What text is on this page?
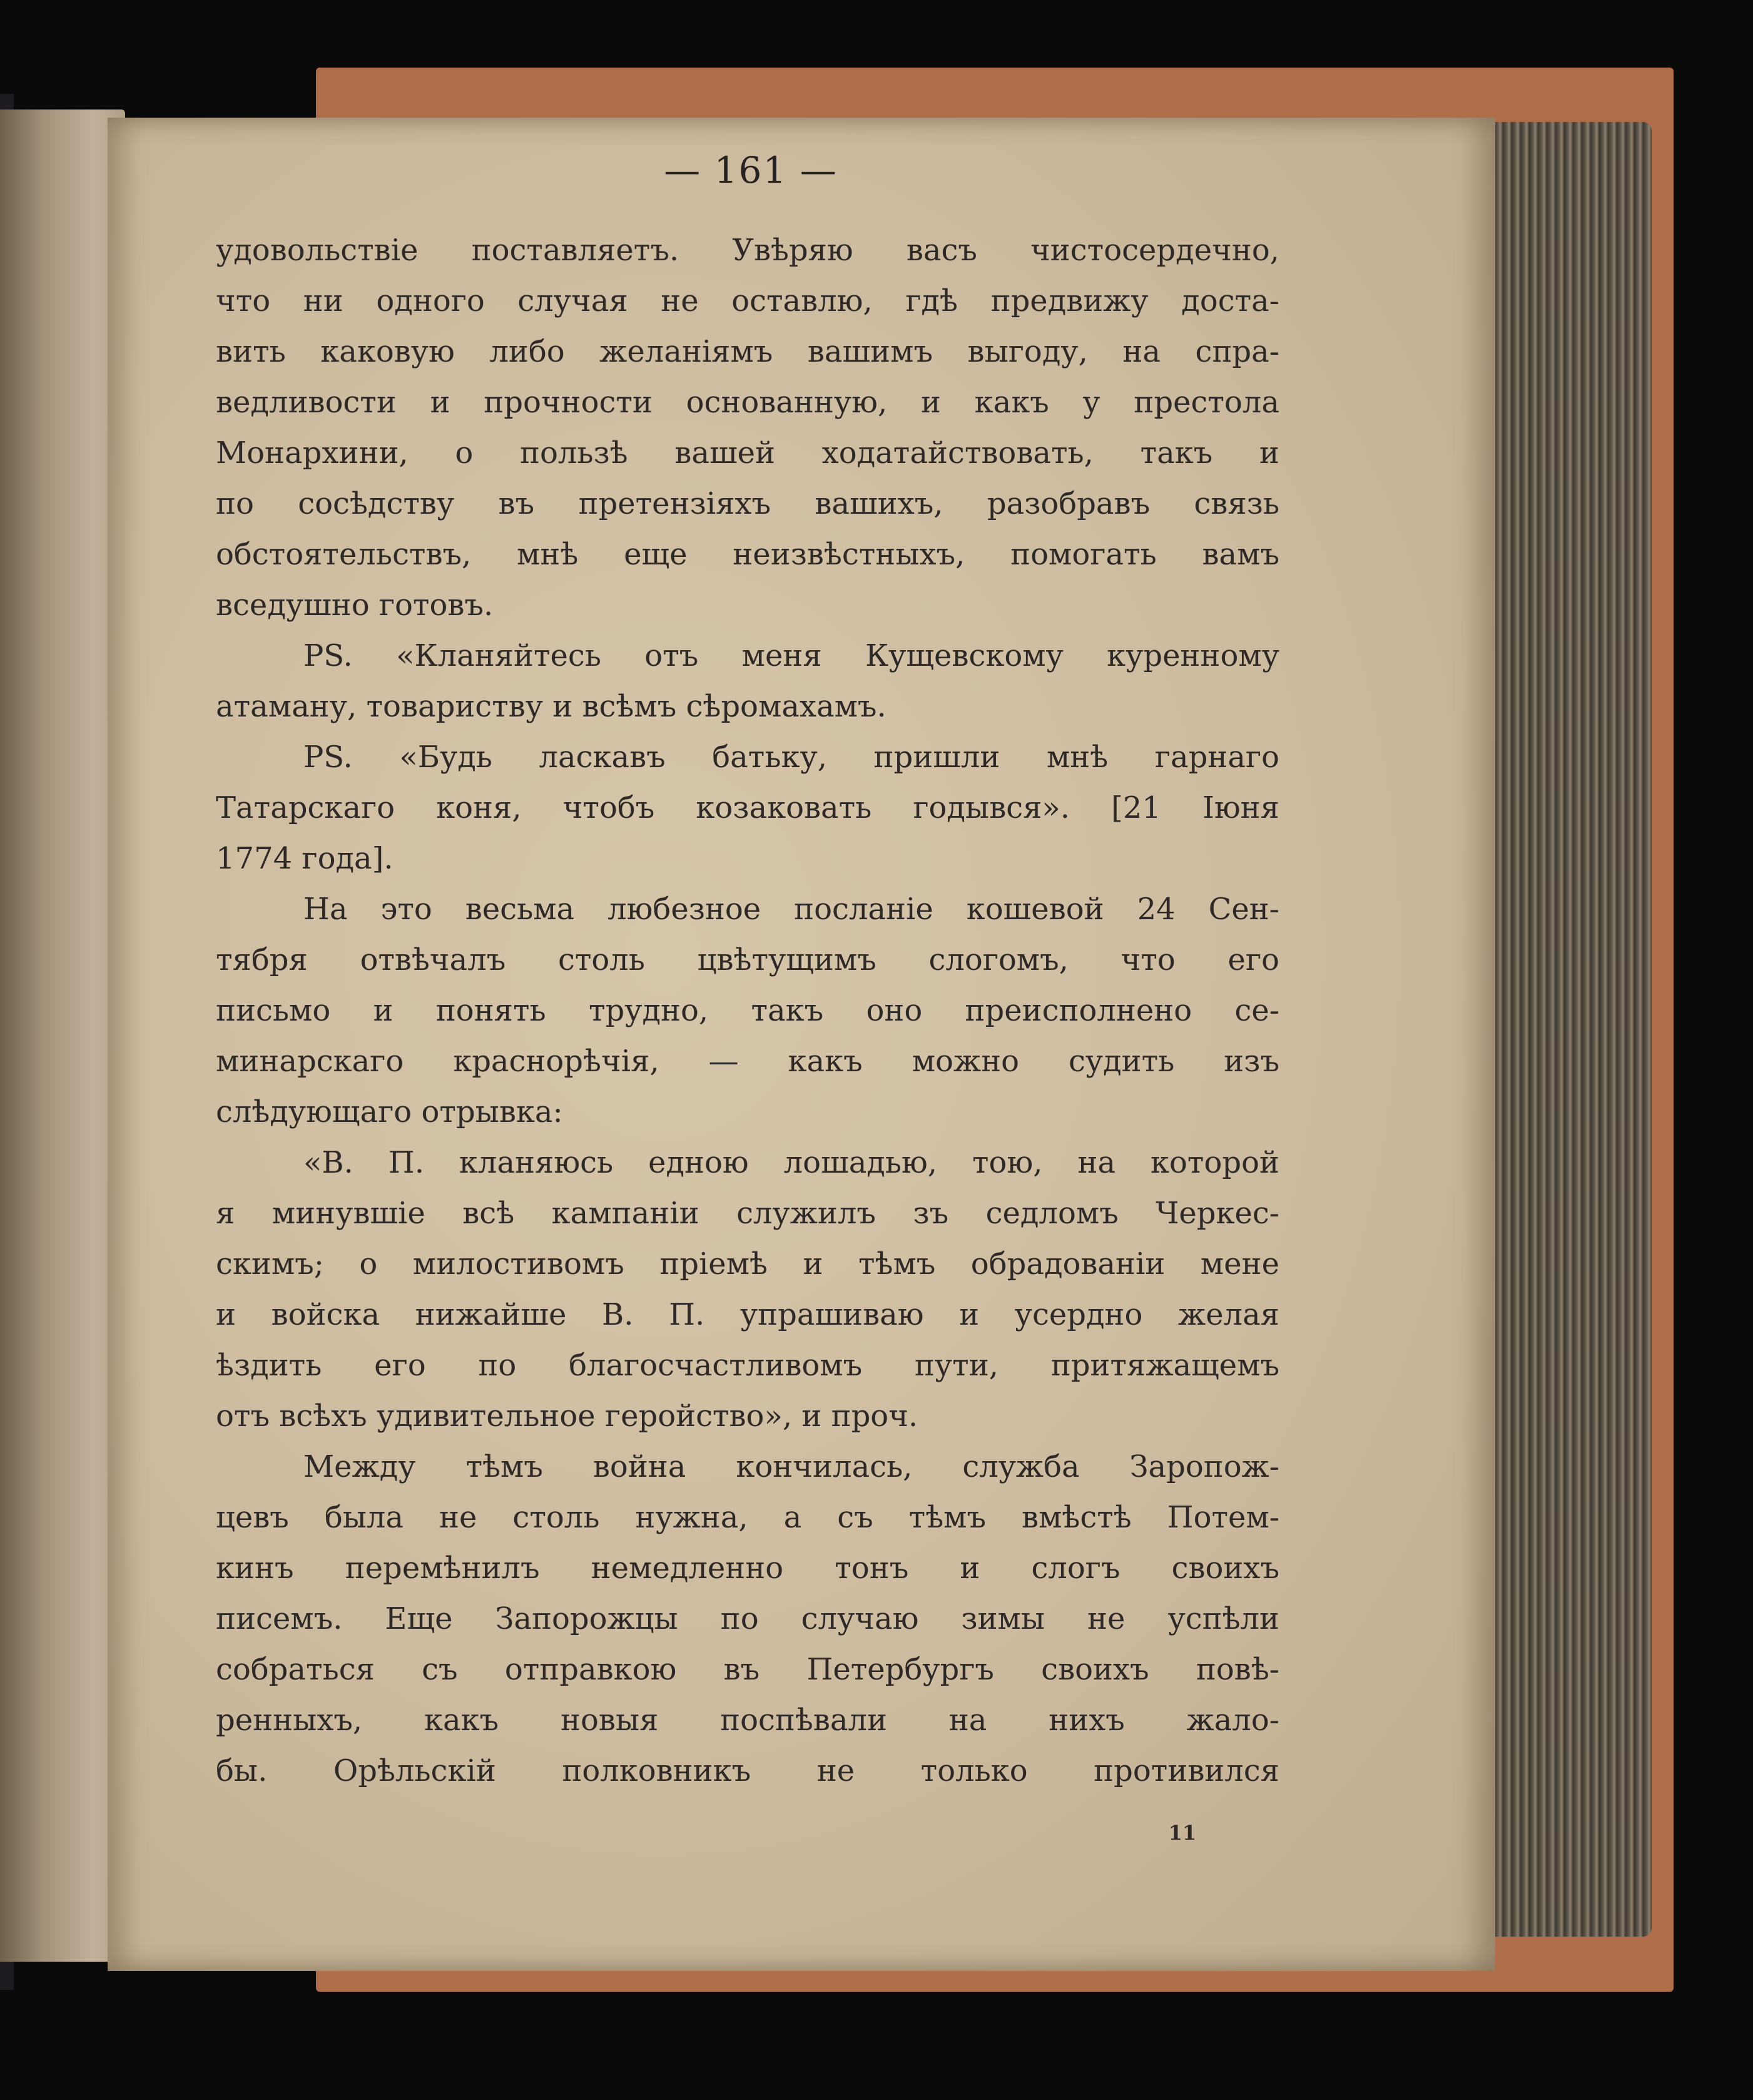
— 161 —
удовольствіе поставляетъ. Увѣряю васъ чистосердечно,
что ни одного случая не оставлю, гдѣ предвижу доста-
вить каковую либо желаніямъ вашимъ выгоду, на спра-
ведливости и прочности основанную, и какъ у престола
Монархини, о пользѣ вашей ходатайствовать, такъ и
по сосѣдству въ претензіяхъ вашихъ, разобравъ связь
обстоятельствъ, мнѣ еще неизвѣстныхъ, помогать вамъ
вседушно готовъ.
PS. «Кланяйтесь отъ меня Кущевскому куренному
атаману, товариству и всѣмъ сѣромахамъ.
PS. «Будь ласкавъ батьку, пришли мнѣ гарнаго
Татарскаго коня, чтобъ козаковать годывся». [21 Іюня
1774 года].
На это весьма любезное посланіе кошевой 24 Сен-
тября отвѣчалъ столь цвѣтущимъ слогомъ, что его
письмо и понять трудно, такъ оно преисполнено се-
минарскаго краснорѣчія, — какъ можно судить изъ
слѣдующаго отрывка:
«В. П. кланяюсь едною лошадью, тою, на которой
я минувшіе всѣ кампаніи служилъ зъ седломъ Черкес-
скимъ; о милостивомъ пріемѣ и тѣмъ обрадованіи мене
и войска нижайше В. П. упрашиваю и усердно желая
ѣздить его по благосчастливомъ пути, притяжащемъ
отъ всѣхъ удивительное геройство», и проч.
Между тѣмъ война кончилась, служба Заропож-
цевъ была не столь нужна, а съ тѣмъ вмѣстѣ Потем-
кинъ перемѣнилъ немедленно тонъ и слогъ своихъ
писемъ. Еще Запорожцы по случаю зимы не успѣли
собраться съ отправкою въ Петербургъ своихъ повѣ-
ренныхъ, какъ новыя поспѣвали на нихъ жало-
бы. Орѣльскій полковникъ не только противился
11
